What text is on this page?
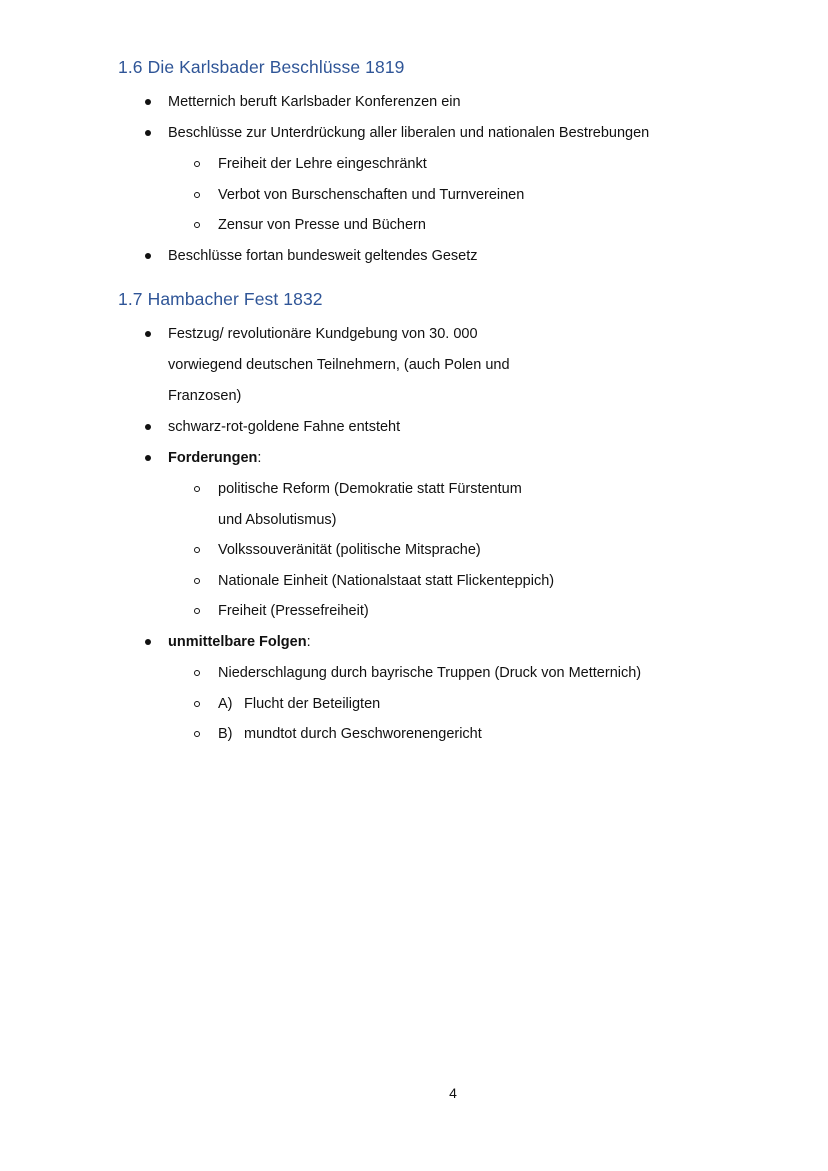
1.6 Die Karlsbader Beschlüsse 1819
Metternich beruft Karlsbader Konferenzen ein
Beschlüsse zur Unterdrückung aller liberalen und nationalen Bestrebungen
Freiheit der Lehre eingeschränkt
Verbot von Burschenschaften und Turnvereinen
Zensur von Presse und Büchern
Beschlüsse fortan bundesweit geltendes Gesetz
1.7 Hambacher Fest 1832
Festzug/ revolutionäre Kundgebung von 30. 000
vorwiegend deutschen Teilnehmern, (auch Polen und
Franzosen)
schwarz-rot-goldene Fahne entsteht
Forderungen:
politische Reform (Demokratie statt Fürstentum
und Absolutismus)
Volkssouveränität (politische Mitsprache)
Nationale Einheit (Nationalstaat statt Flickenteppich)
Freiheit (Pressefreiheit)
unmittelbare Folgen:
Niederschlagung durch bayrische Truppen (Druck von Metternich)
A) Flucht der Beteiligten
B) mundtot durch Geschworenengericht
4
